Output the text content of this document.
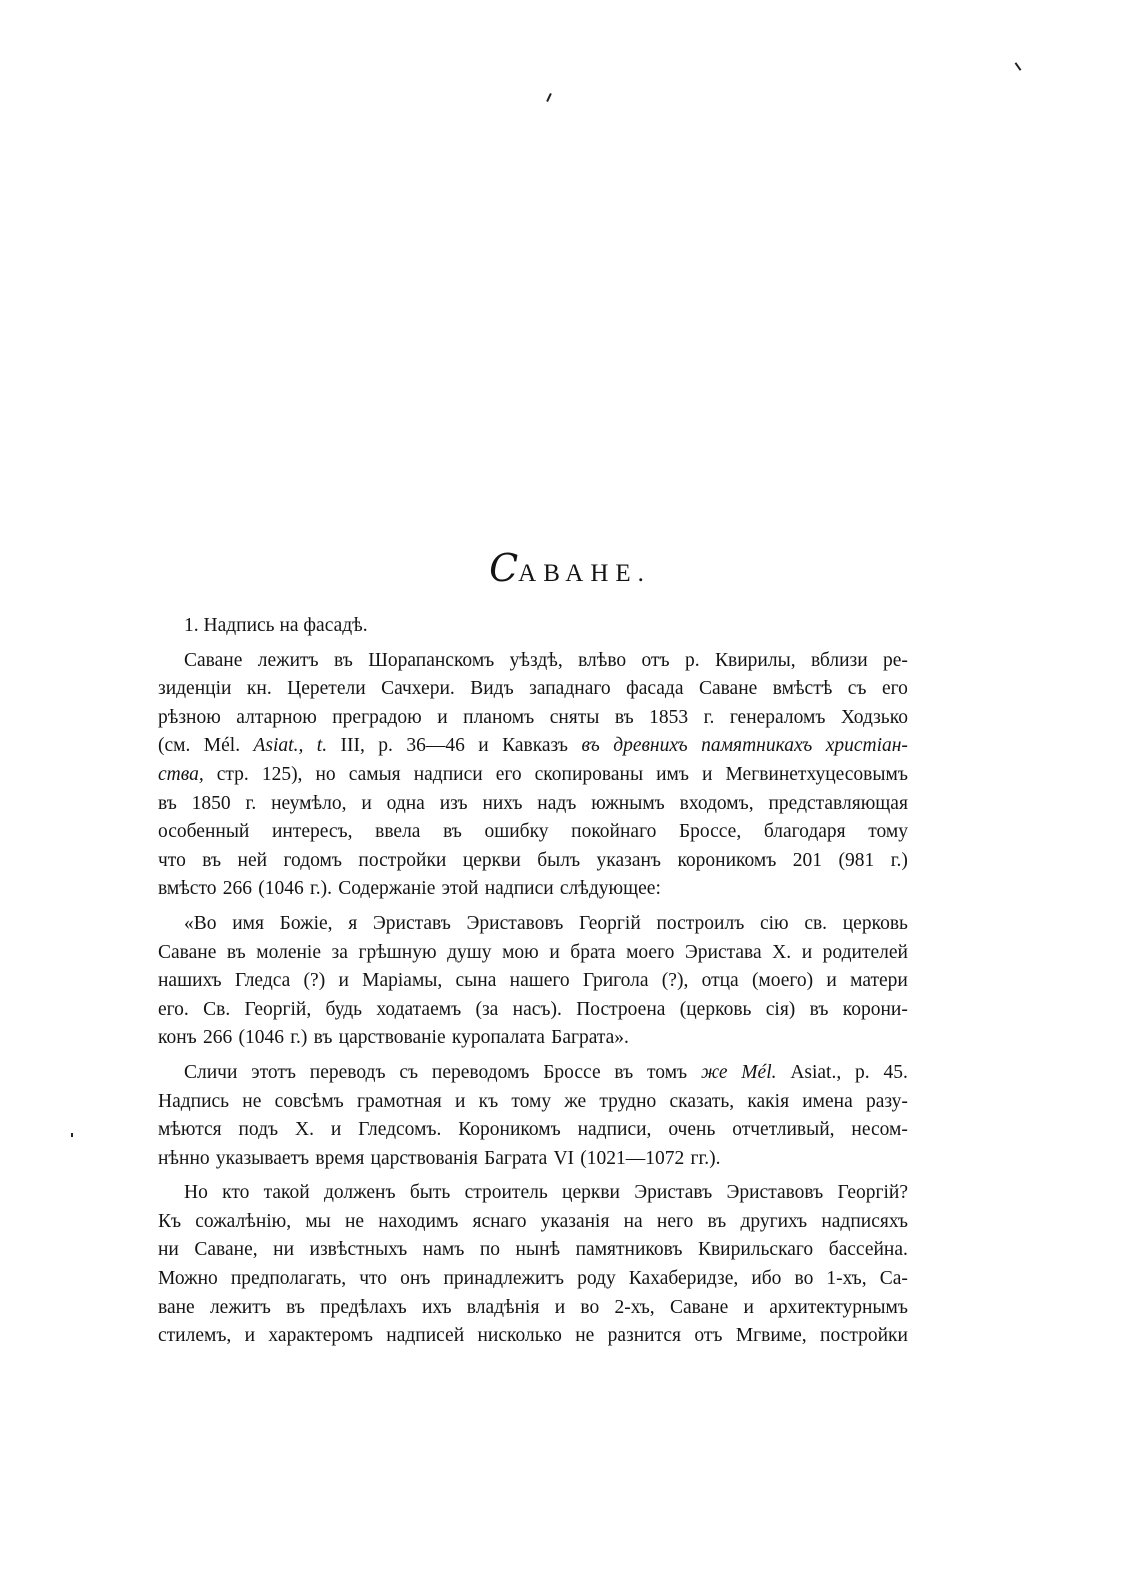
САВАНЕ.
1. Надпись на фасадѣ.
Саване лежитъ въ Шорапанскомъ уѣздѣ, влѣво отъ р. Квирилы, вблизи ре-
зиденціи кн. Церетели Сачхери. Видъ западнаго фасада Саване вмѣстѣ съ его
рѣзною алтарною преградою и планомъ сняты въ 1853 г. генераломъ Ходзько
(см. Mél. Asiat., t. III, p. 36—46 и Кавказъ въ древнихъ памятникахъ христіан-
ства, стр. 125), но самыя надписи его скопированы имъ и Мегвинетхуцесовымъ
въ 1850 г. неумѣло, и одна изъ нихъ надъ южнымъ входомъ, представляющая
особенный интересъ, ввела въ ошибку покойнаго Броссе, благодаря тому
что въ ней годомъ постройки церкви былъ указанъ короникомъ 201 (981 г.)
вмѣсто 266 (1046 г.). Содержаніе этой надписи слѣдующее:
«Во имя Божіе, я Эриставъ Эриставовъ Георгій построилъ сію св. церковь
Саване въ моленіе за грѣшную душу мою и брата моего Эристава X. и родителей
нашихъ Гледса (?) и Маріамы, сына нашего Григола (?), отца (моего) и матери
его. Св. Георгій, будь ходатаемъ (за насъ). Построена (церковь сія) въ корони-
конъ 266 (1046 г.) въ царствованіе куропалата Баграта».
Сличи этотъ переводъ съ переводомъ Броссе въ томъ же Mél. Asiat., p. 45.
Надпись не совсѣмъ грамотная и къ тому же трудно сказать, какія имена разу-
мѣются подъ X. и Гледсомъ. Короникомъ надписи, очень отчетливый, несом-
нѣнно указываетъ время царствованія Баграта VI (1021—1072 гг.).
Но кто такой долженъ быть строитель церкви Эриставъ Эриставовъ Георгій?
Къ сожалѣнію, мы не находимъ яснаго указанія на него въ другихъ надписяхъ
ни Саване, ни извѣстныхъ намъ по нынѣ памятниковъ Квирильскаго бассейна.
Можно предполагать, что онъ принадлежитъ роду Кахаберидзе, ибо во 1-хъ, Са-
ване лежитъ въ предѣлахъ ихъ владѣнія и во 2-хъ, Саване и архитектурнымъ
стилемъ, и характеромъ надписей нисколько не разнится отъ Мгвиме, постройки
